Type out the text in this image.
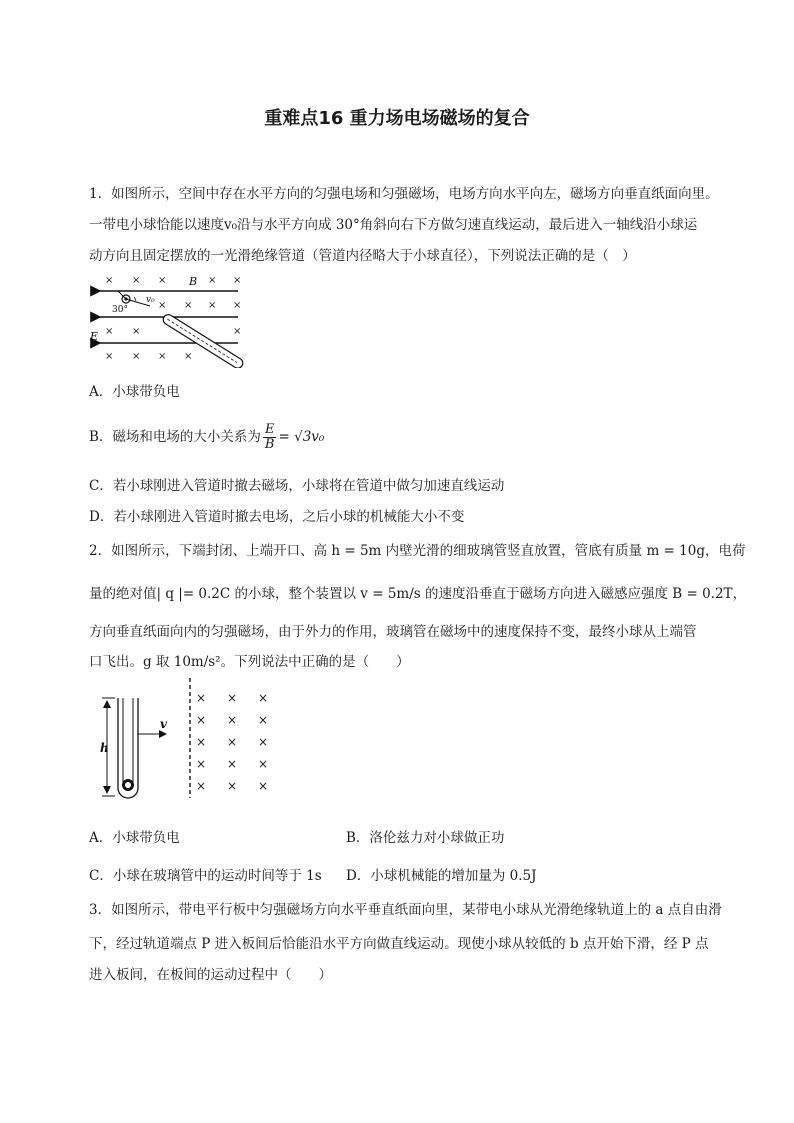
重难点16 重力场电场磁场的复合
1．如图所示，空间中存在水平方向的匀强电场和匀强磁场，电场方向水平向左，磁场方向垂直纸面向里。
一带电小球恰能以速度v₀沿与水平方向成 30°角斜向右下方做匀速直线运动，最后进入一轴线沿小球运
动方向且固定摆放的一光滑绝缘管道（管道内径略大于小球直径），下列说法正确的是（　）
× × ×	× ×
× × × ×
× ×	×
× × × ×
B
E
v₀
30°
A．小球带负电
B．磁场和电场的大小关系为 $\frac{E}{B} = √3v_0$
C．若小球刚进入管道时撤去磁场，小球将在管道中做匀加速直线运动
D．若小球刚进入管道时撤去电场，之后小球的机械能大小不变
2．如图所示，下端封闭、上端开口、高 h = 5m 内壁光滑的细玻璃管竖直放置，管底有质量 m = 10g，电荷
量的绝对值| q |= 0.2C 的小球，整个装置以 v = 5m/s 的速度沿垂直于磁场方向进入磁感应强度 B = 0.2T，
方向垂直纸面向内的匀强磁场，由于外力的作用，玻璃管在磁场中的速度保持不变，最终小球从上端管
口飞出。g 取 10m/s²。下列说法中正确的是（　　）
h
v
× × ×
× × ×
× × ×
× × ×
× × ×
A．小球带负电	B．洛伦兹力对小球做正功
C．小球在玻璃管中的运动时间等于 1s D．小球机械能的增加量为 0.5J
3．如图所示，带电平行板中匀强磁场方向水平垂直纸面向里，某带电小球从光滑绝缘轨道上的 a 点自由滑
下，经过轨道端点 P 进入板间后恰能沿水平方向做直线运动。现使小球从较低的 b 点开始下滑，经 P 点
进入板间，在板间的运动过程中（　　）
